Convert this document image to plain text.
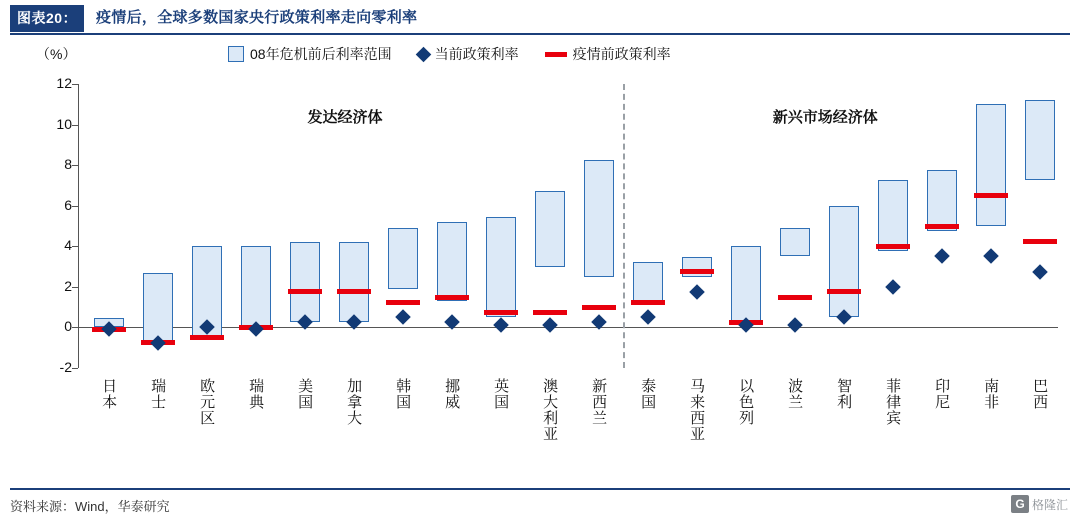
图表20：	疫情后，全球多数国家央行政策利率走向零利率
08年危机前后利率范围	当前政策利率	疫情前政策利率
（%）
-2
0
2
4
6
8
10
12
发达经济体	新兴市场经济体
资料来源：Wind，华泰研究	G 格隆汇
日本 瑞士 欧元区 瑞典 美国 加拿大 韩国 挪威 英国 澳大利亚 新西兰 泰国 马来西亚 以色列 波兰 智利 菲律宾 印尼 南非 巴西
